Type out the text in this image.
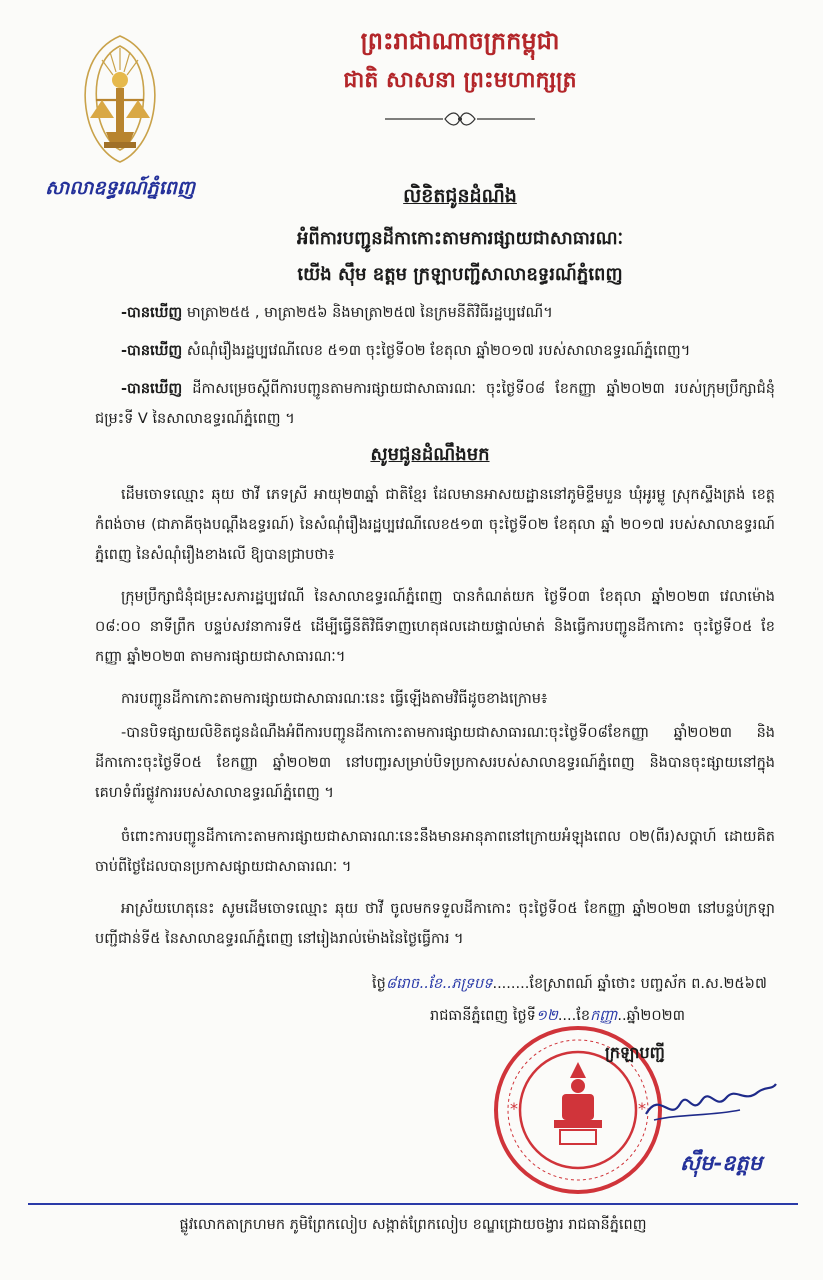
សាលាឧទ្ធរណ៍ភ្នំពេញ
ព្រះរាជាណាចក្រកម្ពុជា
ជាតិ សាសនា ព្រះមហាក្សត្រ
លិខិតជូនដំណឹង
អំពីការបញ្ជូនដីកាកោះតាមការផ្សាយជាសាធារណៈ
យើង ស៊ឹម ឧត្តម ក្រឡាបញ្ជីសាលាឧទ្ធរណ៍ភ្នំពេញ
-បានឃើញ មាត្រា២៥៥ , មាត្រា២៥៦ និងមាត្រា២៥៧ នៃក្រមនីតិវិធីរដ្ឋប្បវេណី។
-បានឃើញ សំណុំរឿងរដ្ឋប្បវេណីលេខ ៥១៣ ចុះថ្ងៃទី០២ ខែតុលា ឆ្នាំ២០១៧ របស់សាលាឧទ្ធរណ៍ភ្នំពេញ។
-បានឃើញ ដីកាសម្រេចស្តីពីការបញ្ជូនតាមការផ្សាយជាសាធារណៈ ចុះថ្ងៃទី០៨ ខែកញ្ញា ឆ្នាំ២០២៣ របស់ក្រុមប្រឹក្សាជំនុំជម្រះទី V នៃសាលាឧទ្ធរណ៍ភ្នំពេញ ។
សូមជូនដំណឹងមក
ដើមចោទឈ្មោះ ឆុយ ថាវី ភេទស្រី អាយុ២៣ឆ្នាំ ជាតិខ្មែរ ដែលមានអាសយដ្ឋាននៅភូមិខ្ទឹមបួន ឃុំអូរម្លូ ស្រុកស្ទឹងត្រង់ ខេត្តកំពង់ចាម (ជាភាគីចុងបណ្តឹងឧទ្ធរណ៍) នៃសំណុំរឿងរដ្ឋប្បវេណីលេខ៥១៣ ចុះថ្ងៃទី០២ ខែតុលា ឆ្នាំ ២០១៧ របស់សាលាឧទ្ធរណ៍ភ្នំពេញ នៃសំណុំរឿងខាងលើ ឱ្យបានជ្រាបថា៖
ក្រុមប្រឹក្សាជំនុំជម្រះសភារដ្ឋប្បវេណី នៃសាលាឧទ្ធរណ៍ភ្នំពេញ បានកំណត់យក ថ្ងៃទី០៣ ខែតុលា ឆ្នាំ២០២៣ វេលាម៉ោង ០៨:០០ នាទីព្រឹក បន្ទប់សវនាការទី៥ ដើម្បីធ្វើនីតិវិធីទាញហេតុផលដោយផ្ទាល់មាត់ និងធ្វើការបញ្ជូនដីកាកោះ ចុះថ្ងៃទី០៥ ខែកញ្ញា ឆ្នាំ២០២៣ តាមការផ្សាយជាសាធារណៈ។
ការបញ្ជូនដីកាកោះតាមការផ្សាយជាសាធារណៈនេះ ធ្វើឡើងតាមវិធីដូចខាងក្រោម៖
-បានបិទផ្សាយលិខិតជូនដំណឹងអំពីការបញ្ជូនដីកាកោះតាមការផ្សាយជាសាធារណៈចុះថ្ងៃទី០៨ខែកញ្ញា ឆ្នាំ២០២៣ និងដីកាកោះចុះថ្ងៃទី០៥ ខែកញ្ញា ឆ្នាំ២០២៣ នៅបញ្ជរសម្រាប់បិទប្រកាសរបស់សាលាឧទ្ធរណ៍ភ្នំពេញ និងបានចុះផ្សាយនៅក្នុងគេហទំព័រផ្លូវការរបស់សាលាឧទ្ធរណ៍ភ្នំពេញ ។
ចំពោះការបញ្ជូនដីកាកោះតាមការផ្សាយជាសាធារណៈនេះនឹងមានអានុភាពនៅក្រោយអំឡុងពេល ០២(ពីរ)សប្តាហ៍ ដោយគិតចាប់ពីថ្ងៃដែលបានប្រកាសផ្សាយជាសាធារណៈ ។
អាស្រ័យហេតុនេះ សូមដើមចោទឈ្មោះ ឆុយ ថាវី ចូលមកទទួលដីកាកោះ ចុះថ្ងៃទី០៥ ខែកញ្ញា ឆ្នាំ២០២៣ នៅបន្ទប់ក្រឡាបញ្ជីជាន់ទី៥ នៃសាលាឧទ្ធរណ៍ភ្នំពេញ នៅរៀងរាល់ម៉ោងនៃថ្ងៃធ្វើការ ។
ថ្ងៃ៨រោច..ខែ..ភទ្របទ........ខែស្រាពណ៍ ឆ្នាំថោះ បញ្ចស័ក ព.ស.២៥៦៧
រាជធានីភ្នំពេញ ថ្ងៃទី១២....ខែកញ្ញា..ឆ្នាំ២០២៣
*	*
ក្រឡាបញ្ជី
ស៊ឹម-ឧត្តម
ផ្លូវលោកតាក្រហមក ភូមិព្រែកលៀប សង្កាត់ព្រែកលៀប ខណ្ឌជ្រោយចង្វារ រាជធានីភ្នំពេញ
